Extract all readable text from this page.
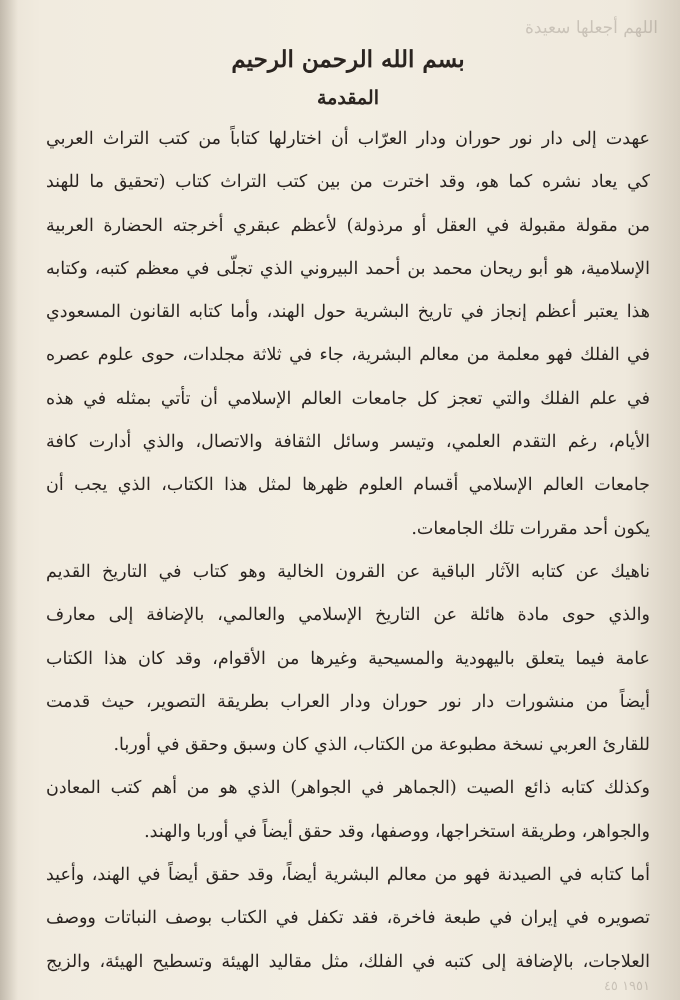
اللهم أجعلها سعيدة
١٩٥١ ٤٥
بسم الله الرحمن الرحيم
المقدمة
عهدت إلى دار نور حوران ودار العرّاب أن اختارلها كتاباً من كتب التراث العربي
كي يعاد نشره كما هو، وقد اخترت من بين كتب التراث كتاب (تحقيق ما للهند
من مقولة مقبولة في العقل أو مرذولة) لأعظم عبقري أخرجته الحضارة العربية
الإسلامية، هو أبو ريحان محمد بن أحمد البيروني الذي تجلّى في معظم كتبه، وكتابه
هذا يعتبر أعظم إنجاز في تاريخ البشرية حول الهند، وأما كتابه القانون المسعودي
في الفلك فهو معلمة من معالم البشرية، جاء في ثلاثة مجلدات، حوى علوم عصره
في علم الفلك والتي تعجز كل جامعات العالم الإسلامي أن تأتي بمثله في هذه
الأيام، رغم التقدم العلمي، وتيسر وسائل الثقافة والاتصال، والذي أدارت كافة
جامعات العالم الإسلامي أقسام العلوم ظهرها لمثل هذا الكتاب، الذي يجب أن
يكون أحد مقررات تلك الجامعات.
ناهيك عن كتابه الآثار الباقية عن القرون الخالية وهو كتاب في التاريخ القديم
والذي حوى مادة هائلة عن التاريخ الإسلامي والعالمي، بالإضافة إلى معارف
عامة فيما يتعلق باليهودية والمسيحية وغيرها من الأقوام، وقد كان هذا الكتاب
أيضاً من منشورات دار نور حوران ودار العراب بطريقة التصوير، حيث قدمت
للقارئ العربي نسخة مطبوعة من الكتاب، الذي كان وسبق وحقق في أوربا.
وكذلك كتابه ذائع الصيت (الجماهر في الجواهر) الذي هو من أهم كتب المعادن
والجواهر، وطريقة استخراجها، ووصفها، وقد حقق أيضاً في أوربا والهند.
أما كتابه في الصيدنة فهو من معالم البشرية أيضاً، وقد حقق أيضاً في الهند، وأعيد
تصويره في إيران في طبعة فاخرة، فقد تكفل في الكتاب بوصف النباتات ووصف
العلاجات، بالإضافة إلى كتبه في الفلك، مثل مقاليد الهيئة وتسطيح الهيئة، والزيج
